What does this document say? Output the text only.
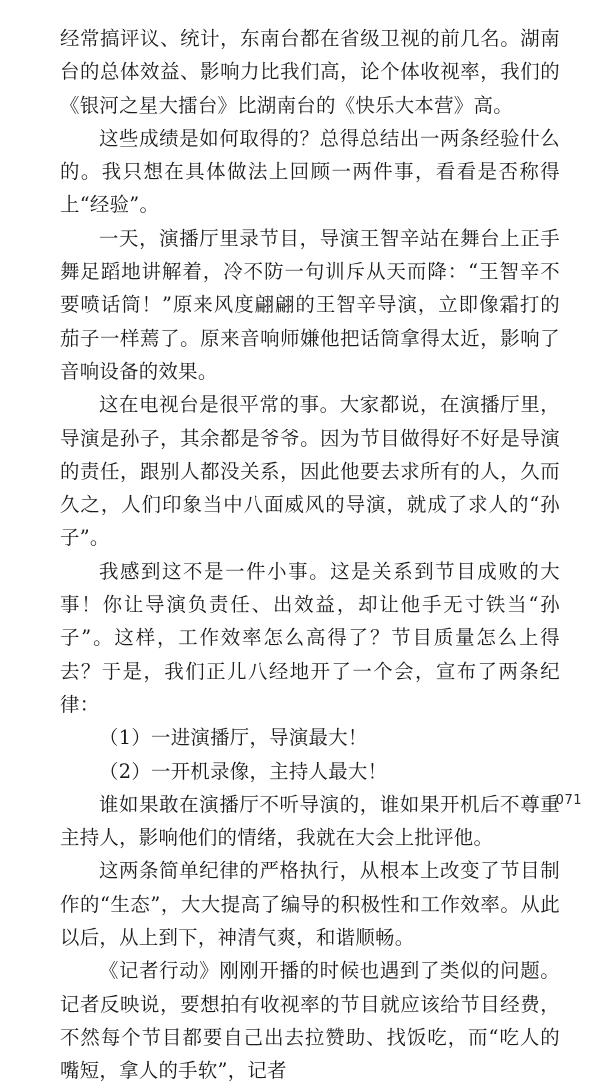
经常搞评议、统计，东南台都在省级卫视的前几名。湖南台的总体效益、影响力比我们高，论个体收视率，我们的《银河之星大擂台》比湖南台的《快乐大本营》高。

这些成绩是如何取得的？总得总结出一两条经验什么的。我只想在具体做法上回顾一两件事，看看是否称得上“经验”。

一天，演播厅里录节目，导演王智辛站在舞台上正手舞足蹈地讲解着，冷不防一句训斥从天而降：“王智辛不要喷话筒！”原来风度翩翩的王智辛导演，立即像霜打的茄子一样蔫了。原来音响师嫌他把话筒拿得太近，影响了音响设备的效果。

这在电视台是很平常的事。大家都说，在演播厅里，导演是孙子，其余都是爷爷。因为节目做得好不好是导演的责任，跟别人都没关系，因此他要去求所有的人，久而久之，人们印象当中八面威风的导演，就成了求人的“孙子”。

我感到这不是一件小事。这是关系到节目成败的大事！你让导演负责任、出效益，却让他手无寸铁当“孙子”。这样，工作效率怎么高得了？节目质量怎么上得去？于是，我们正儿八经地开了一个会，宣布了两条纪律：

（1）一进演播厅，导演最大！

（2）一开机录像，主持人最大！

谁如果敢在演播厅不听导演的，谁如果开机后不尊重主持人，影响他们的情绪，我就在大会上批评他。

这两条简单纪律的严格执行，从根本上改变了节目制作的“生态”，大大提高了编导的积极性和工作效率。从此以后，从上到下，神清气爽，和谐顺畅。

《记者行动》刚刚开播的时候也遇到了类似的问题。记者反映说，要想拍有收视率的节目就应该给节目经费，不然每个节目都要自己出去拉赞助、找饭吃，而“吃人的嘴短，拿人的手软”，记者

071
